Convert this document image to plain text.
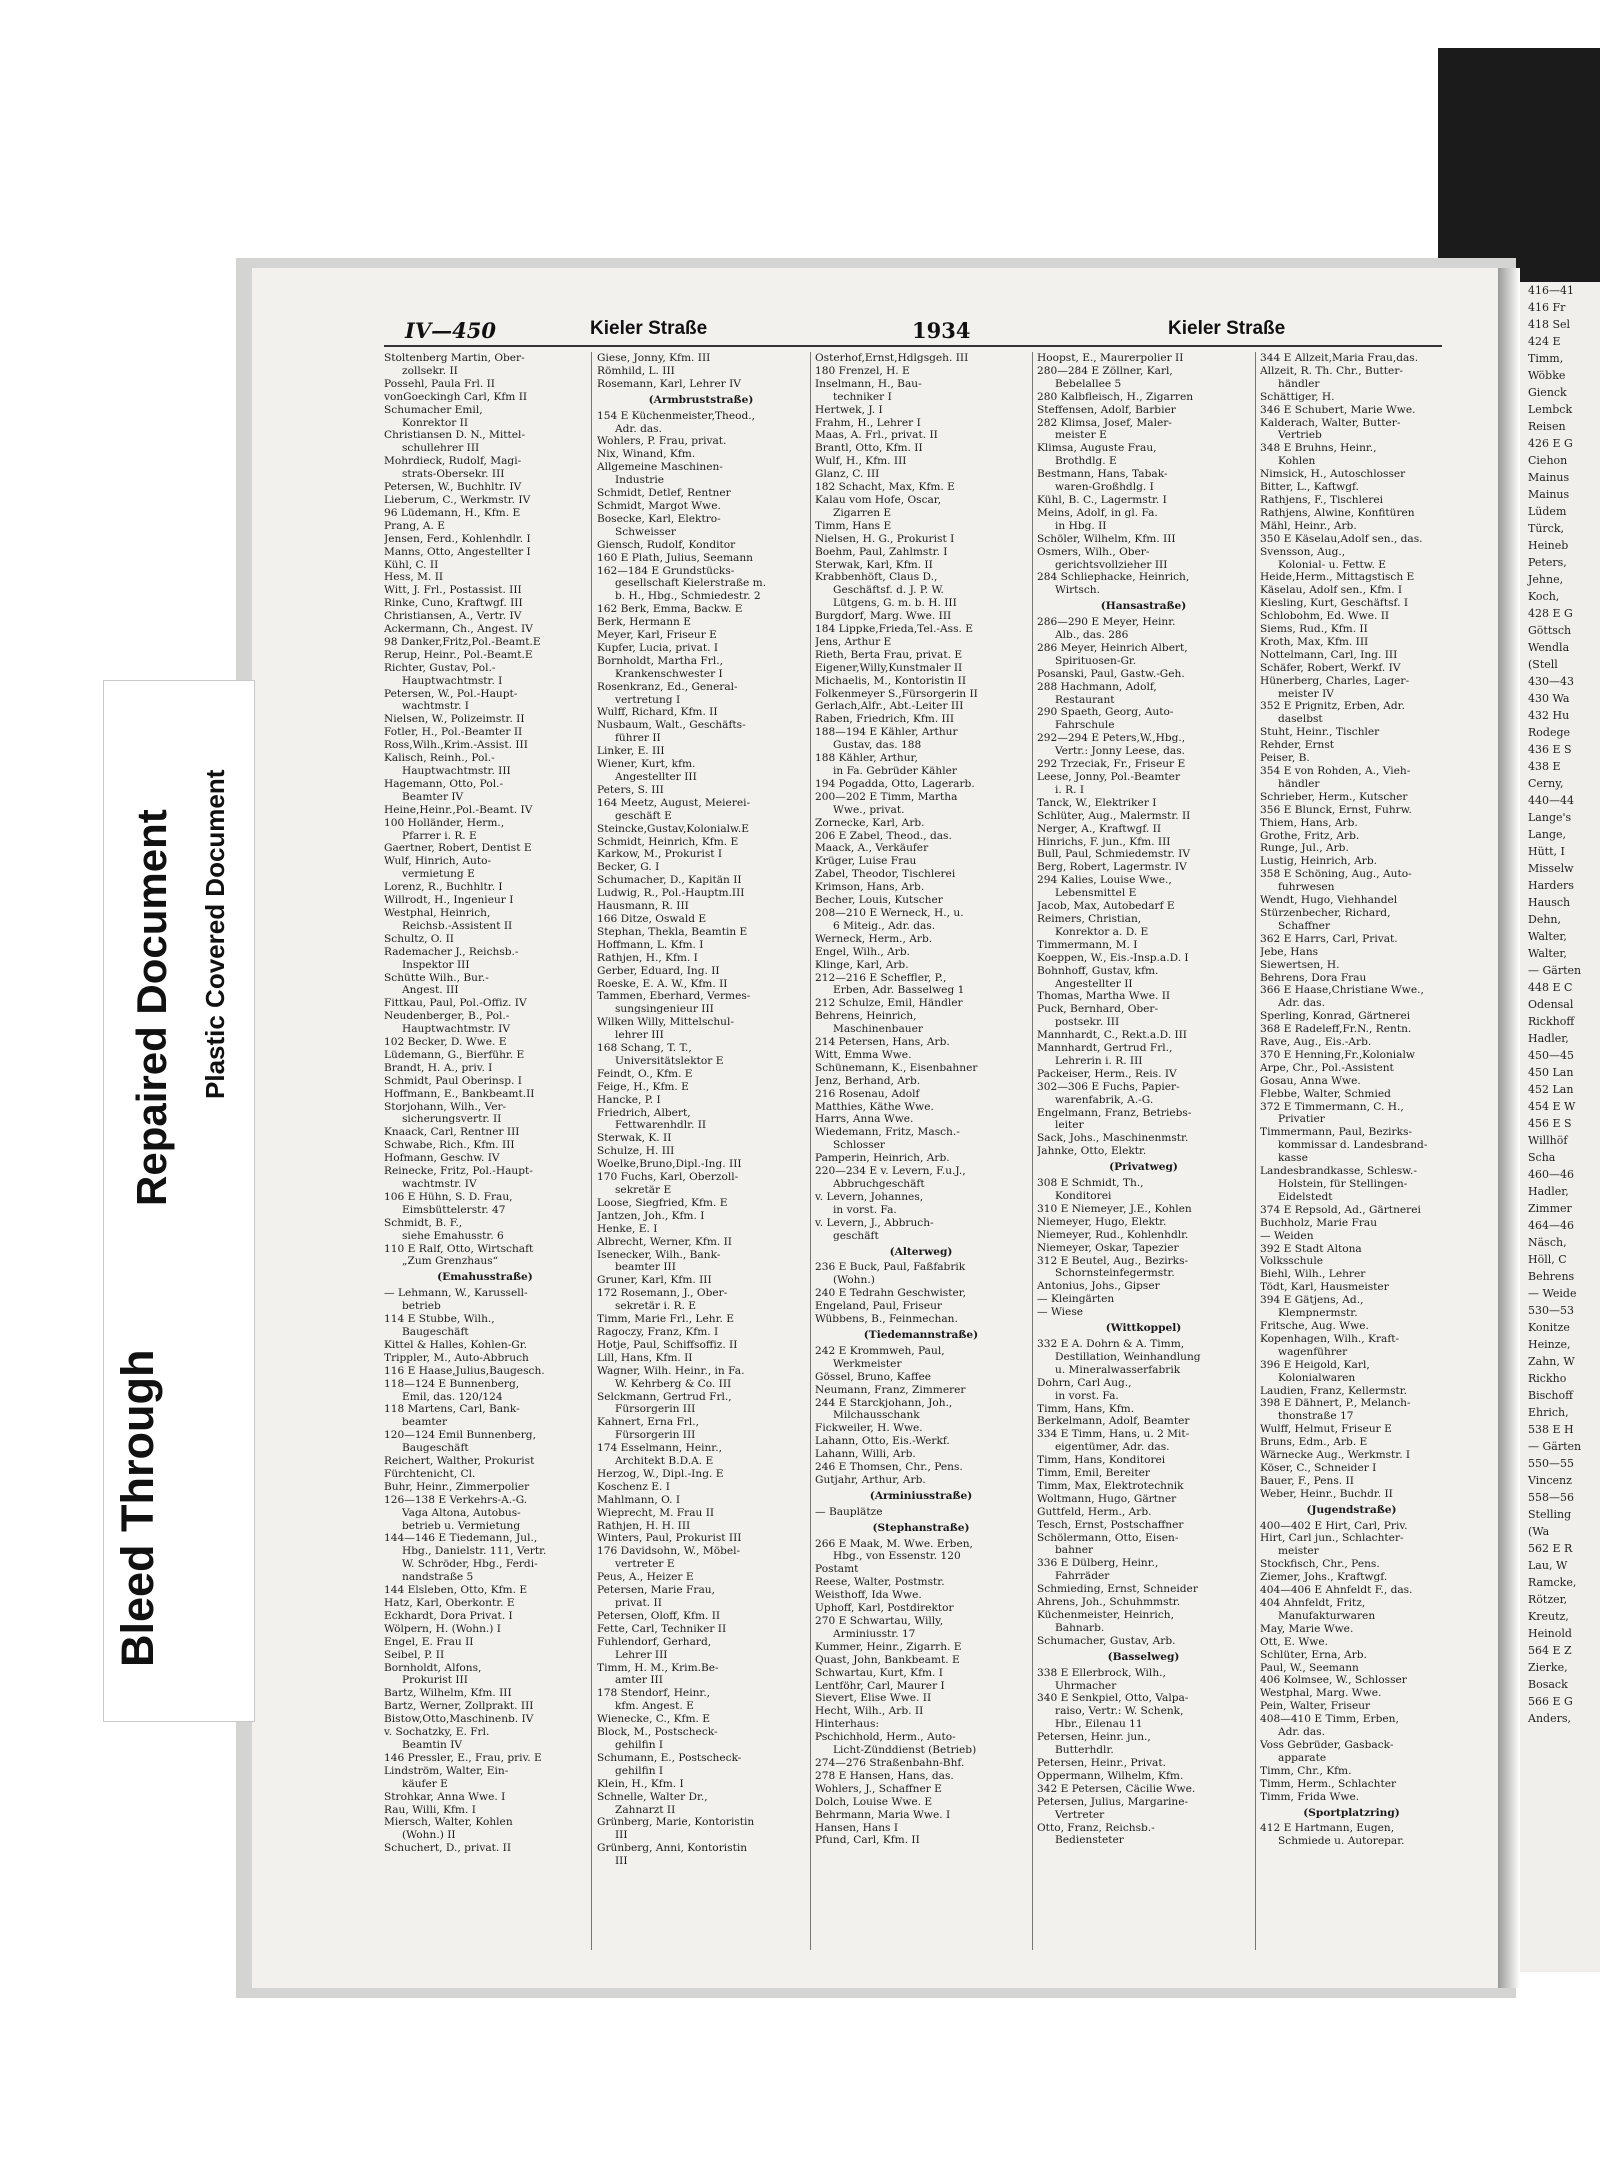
416—41
416 Fr
418 Sel
424 E
Timm,
Wöbke
Gienck
Lembck
Reisen
426 E G
Ciehon
Mainus
Mainus
Lüdem
Türck,
Heineb
Peters,
Jehne,
Koch,
428 E G
Göttsch
Wendla
(Stell
430—43
430 Wa
432 Hu
Rodege
436 E S
438 E
Cerny,
440—44
Lange's
Lange,
Hütt, I
Misselw
Harders
Hausch
Dehn,
Walter,
Walter,
— Gärten
448 E C
Odensal
Rickhoff
Hadler,
450—45
450 Lan
452 Lan
454 E W
456 E S
Willhöf
Scha
460—46
Hadler,
Zimmer
464—46
Näsch,
Höll, C
Behrens
— Weide
530—53
Konitze
Heinze,
Zahn, W
Rickho
Bischoff
Ehrich,
538 E H
— Gärten
550—55
Vincenz
558—56
Stelling
(Wa
562 E R
Lau, W
Ramcke,
Rötzer,
Kreutz,
Heinold
564 E Z
Zierke,
Bosack
566 E G
Anders,
Bleed Through
Repaired Document Plastic Covered Document
IV—450	Kieler Straße	1934	Kieler Straße
Stoltenberg Martin, Ober-
zollsekr. II
Possehl, Paula Frl. II
vonGoeckingh Carl, Kfm II
Schumacher Emil,
Konrektor II
Christiansen D. N., Mittel-
schullehrer III
Mohrdieck, Rudolf, Magi-
strats-Obersekr. III
Petersen, W., Buchhltr. IV
Lieberum, C., Werkmstr. IV
96 Lüdemann, H., Kfm. E
Prang, A. E
Jensen, Ferd., Kohlenhdlr. I
Manns, Otto, Angestellter I
Kühl, C. II
Hess, M. II
Witt, J. Frl., Postassist. III
Rinke, Cuno, Kraftwgf. III
Christiansen, A., Vertr. IV
Ackermann, Ch., Angest. IV
98 Danker,Fritz,Pol.-Beamt.E
Rerup, Heinr., Pol.-Beamt.E
Richter, Gustav, Pol.-
Hauptwachtmstr. I
Petersen, W., Pol.-Haupt-
wachtmstr. I
Nielsen, W., Polizeimstr. II
Fotler, H., Pol.-Beamter II
Ross,Wilh.,Krim.-Assist. III
Kalisch, Reinh., Pol.-
Hauptwachtmstr. III
Hagemann, Otto, Pol.-
Beamter IV
Heine,Heinr.,Pol.-Beamt. IV
100 Holländer, Herm.,
Pfarrer i. R. E
Gaertner, Robert, Dentist E
Wulf, Hinrich, Auto-
vermietung E
Lorenz, R., Buchhltr. I
Willrodt, H., Ingenieur I
Westphal, Heinrich,
Reichsb.-Assistent II
Schultz, O. II
Rademacher J., Reichsb.-
Inspektor III
Schütte Wilh., Bur.-
Angest. III
Fittkau, Paul, Pol.-Offiz. IV
Neudenberger, B., Pol.-
Hauptwachtmstr. IV
102 Becker, D. Wwe. E
Lüdemann, G., Bierführ. E
Brandt, H. A., priv. I
Schmidt, Paul Oberinsp. I
Hoffmann, E., Bankbeamt.II
Storjohann, Wilh., Ver-
sicherungsvertr. II
Knaack, Carl, Rentner III
Schwabe, Rich., Kfm. III
Hofmann, Geschw. IV
Reinecke, Fritz, Pol.-Haupt-
wachtmstr. IV
106 E Hühn, S. D. Frau,
Eimsbüttelerstr. 47
Schmidt, B. F.,
siehe Emahusstr. 6
110 E Ralf, Otto, Wirtschaft
„Zum Grenzhaus“
(Emahusstraße)
— Lehmann, W., Karussell-
betrieb
114 E Stubbe, Wilh.,
Baugeschäft
Kittel & Halles, Kohlen-Gr.
Trippler, M., Auto-Abbruch
116 E Haase,Julius,Baugesch.
118—124 E Bunnenberg,
Emil, das. 120/124
118 Martens, Carl, Bank-
beamter
120—124 Emil Bunnenberg,
Baugeschäft
Reichert, Walther, Prokurist
Fürchtenicht, Cl.
Buhr, Heinr., Zimmerpolier
126—138 E Verkehrs-A.-G.
Vaga Altona, Autobus-
betrieb u. Vermietung
144—146 E Tiedemann, Jul.,
Hbg., Danielstr. 111, Vertr.
W. Schröder, Hbg., Ferdi-
nandstraße 5
144 Elsleben, Otto, Kfm. E
Hatz, Karl, Oberkontr. E
Eckhardt, Dora Privat. I
Wölpern, H. (Wohn.) I
Engel, E. Frau II
Seibel, P. II
Bornholdt, Alfons,
Prokurist III
Bartz, Wilhelm, Kfm. III
Bartz, Werner, Zollprakt. III
Bistow,Otto,Maschinenb. IV
v. Sochatzky, E. Frl.
Beamtin IV
146 Pressler, E., Frau, priv. E
Lindström, Walter, Ein-
käufer E
Strohkar, Anna Wwe. I
Rau, Willi, Kfm. I
Miersch, Walter, Kohlen
(Wohn.) II
Schuchert, D., privat. II
Giese, Jonny, Kfm. III
Römhild, L. III
Rosemann, Karl, Lehrer IV
(Armbruststraße)
154 E Küchenmeister,Theod.,
Adr. das.
Wohlers, P. Frau, privat.
Nix, Winand, Kfm.
Allgemeine Maschinen-
Industrie
Schmidt, Detlef, Rentner
Schmidt, Margot Wwe.
Bosecke, Karl, Elektro-
Schweisser
Giensch, Rudolf, Konditor
160 E Plath, Julius, Seemann
162—184 E Grundstücks-
gesellschaft Kielerstraße m.
b. H., Hbg., Schmiedestr. 2
162 Berk, Emma, Backw. E
Berk, Hermann E
Meyer, Karl, Friseur E
Kupfer, Lucia, privat. I
Bornholdt, Martha Frl.,
Krankenschwester I
Rosenkranz, Ed., General-
vertretung I
Wulff, Richard, Kfm. II
Nusbaum, Walt., Geschäfts-
führer II
Linker, E. III
Wiener, Kurt, kfm.
Angestellter III
Peters, S. III
164 Meetz, August, Meierei-
geschäft E
Steincke,Gustav,Kolonialw.E
Schmidt, Heinrich, Kfm. E
Karkow, M., Prokurist I
Becker, G. I
Schumacher, D., Kapitän II
Ludwig, R., Pol.-Hauptm.III
Hausmann, R. III
166 Ditze, Oswald E
Stephan, Thekla, Beamtin E
Hoffmann, L. Kfm. I
Rathjen, H., Kfm. I
Gerber, Eduard, Ing. II
Roeske, E. A. W., Kfm. II
Tammen, Eberhard, Vermes-
sungsingenieur III
Wilken Willy, Mittelschul-
lehrer III
168 Schang, T. T.,
Universitätslektor E
Feindt, O., Kfm. E
Feige, H., Kfm. E
Hancke, P. I
Friedrich, Albert,
Fettwarenhdlr. II
Sterwak, K. II
Schulze, H. III
Woelke,Bruno,Dipl.-Ing. III
170 Fuchs, Karl, Oberzoll-
sekretär E
Loose, Siegfried, Kfm. E
Jantzen, Joh., Kfm. I
Henke, E. I
Albrecht, Werner, Kfm. II
Isenecker, Wilh., Bank-
beamter III
Gruner, Karl, Kfm. III
172 Rosemann, J., Ober-
sekretär i. R. E
Timm, Marie Frl., Lehr. E
Ragoczy, Franz, Kfm. I
Hotje, Paul, Schiffsoffiz. II
Lill, Hans, Kfm. II
Wagner, Wilh. Heinr., in Fa.
W. Kehrberg & Co. III
Selckmann, Gertrud Frl.,
Fürsorgerin III
Kahnert, Erna Frl.,
Fürsorgerin III
174 Esselmann, Heinr.,
Architekt B.D.A. E
Herzog, W., Dipl.-Ing. E
Koschenz E. I
Mahlmann, O. I
Wieprecht, M. Frau II
Rathjen, H. H. III
Winters, Paul, Prokurist III
176 Davidsohn, W., Möbel-
vertreter E
Peus, A., Heizer E
Petersen, Marie Frau,
privat. II
Petersen, Oloff, Kfm. II
Fette, Carl, Techniker II
Fuhlendorf, Gerhard,
Lehrer III
Timm, H. M., Krim.Be-
amter III
178 Stendorf, Heinr.,
kfm. Angest. E
Wienecke, C., Kfm. E
Block, M., Postscheck-
gehilfin I
Schumann, E., Postscheck-
gehilfin I
Klein, H., Kfm. I
Schnelle, Walter Dr.,
Zahnarzt II
Grünberg, Marie, Kontoristin
III
Grünberg, Anni, Kontoristin
III
Osterhof,Ernst,Hdlgsgeh. III
180 Frenzel, H. E
Inselmann, H., Bau-
techniker I
Hertwek, J. I
Frahm, H., Lehrer I
Maas, A. Frl., privat. II
Brantl, Otto, Kfm. II
Wulf, H., Kfm. III
Glanz, C. III
182 Schacht, Max, Kfm. E
Kalau vom Hofe, Oscar,
Zigarren E
Timm, Hans E
Nielsen, H. G., Prokurist I
Boehm, Paul, Zahlmstr. I
Sterwak, Karl, Kfm. II
Krabbenhöft, Claus D.,
Geschäftsf. d. J. P. W.
Lütgens, G. m. b. H. III
Burgdorf, Marg. Wwe. III
184 Lippke,Frieda,Tel.-Ass. E
Jens, Arthur E
Rieth, Berta Frau, privat. E
Eigener,Willy,Kunstmaler II
Michaelis, M., Kontoristin II
Folkenmeyer S.,Fürsorgerin II
Gerlach,Alfr., Abt.-Leiter III
Raben, Friedrich, Kfm. III
188—194 E Kähler, Arthur
Gustav, das. 188
188 Kähler, Arthur,
in Fa. Gebrüder Kähler
194 Pogadda, Otto, Lagerarb.
200—202 E Timm, Martha
Wwe., privat.
Zornecke, Karl, Arb.
206 E Zabel, Theod., das.
Maack, A., Verkäufer
Krüger, Luise Frau
Zabel, Theodor, Tischlerei
Krimson, Hans, Arb.
Becher, Louis, Kutscher
208—210 E Werneck, H., u.
6 Miteig., Adr. das.
Werneck, Herm., Arb.
Engel, Wilh., Arb.
Klinge, Karl, Arb.
212—216 E Scheffler, P.,
Erben, Adr. Basselweg 1
212 Schulze, Emil, Händler
Behrens, Heinrich,
Maschinenbauer
214 Petersen, Hans, Arb.
Witt, Emma Wwe.
Schünemann, K., Eisenbahner
Jenz, Berhand, Arb.
216 Rosenau, Adolf
Matthies, Käthe Wwe.
Harrs, Anna Wwe.
Wiedemann, Fritz, Masch.-
Schlosser
Pamperin, Heinrich, Arb.
220—234 E v. Levern, F.u.J.,
Abbruchgeschäft
v. Levern, Johannes,
in vorst. Fa.
v. Levern, J., Abbruch-
geschäft
(Alterweg)
236 E Buck, Paul, Faßfabrik
(Wohn.)
240 E Tedrahn Geschwister,
Engeland, Paul, Friseur
Wübbens, B., Feinmechan.
(Tiedemannstraße)
242 E Krommweh, Paul,
Werkmeister
Gössel, Bruno, Kaffee
Neumann, Franz, Zimmerer
244 E Starckjohann, Joh.,
Milchausschank
Fickweiler, H. Wwe.
Lahann, Otto, Eis.-Werkf.
Lahann, Willi, Arb.
246 E Thomsen, Chr., Pens.
Gutjahr, Arthur, Arb.
(Arminiusstraße)
— Bauplätze
(Stephanstraße)
266 E Maak, M. Wwe. Erben,
Hbg., von Essenstr. 120
Postamt
Reese, Walter, Postmstr.
Weisthoff, Ida Wwe.
Uphoff, Karl, Postdirektor
270 E Schwartau, Willy,
Arminiusstr. 17
Kummer, Heinr., Zigarrh. E
Quast, John, Bankbeamt. E
Schwartau, Kurt, Kfm. I
Lentföhr, Carl, Maurer I
Sievert, Elise Wwe. II
Hecht, Wilh., Arb. II
Hinterhaus:
Pschichhold, Herm., Auto-
Licht-Zünddienst (Betrieb)
274—276 Straßenbahn-Bhf.
278 E Hansen, Hans, das.
Wohlers, J., Schaffner E
Dolch, Louise Wwe. E
Behrmann, Maria Wwe. I
Hansen, Hans I
Pfund, Carl, Kfm. II
Hoopst, E., Maurerpolier II
280—284 E Zöllner, Karl,
Bebelallee 5
280 Kalbfleisch, H., Zigarren
Steffensen, Adolf, Barbier
282 Klimsa, Josef, Maler-
meister E
Klimsa, Auguste Frau,
Brothdlg. E
Bestmann, Hans, Tabak-
waren-Großhdlg. I
Kühl, B. C., Lagermstr. I
Meins, Adolf, in gl. Fa.
in Hbg. II
Schöler, Wilhelm, Kfm. III
Osmers, Wilh., Ober-
gerichtsvollzieher III
284 Schliephacke, Heinrich,
Wirtsch.
(Hansastraße)
286—290 E Meyer, Heinr.
Alb., das. 286
286 Meyer, Heinrich Albert,
Spirituosen-Gr.
Posanski, Paul, Gastw.-Geh.
288 Hachmann, Adolf,
Restaurant
290 Spaeth, Georg, Auto-
Fahrschule
292—294 E Peters,W.,Hbg.,
Vertr.: Jonny Leese, das.
292 Trzeciak, Fr., Friseur E
Leese, Jonny, Pol.-Beamter
i. R. I
Tanck, W., Elektriker I
Schlüter, Aug., Malermstr. II
Nerger, A., Kraftwgf. II
Hinrichs, F. jun., Kfm. III
Bull, Paul, Schmiedemstr. IV
Berg, Robert, Lagermstr. IV
294 Kalies, Louise Wwe.,
Lebensmittel E
Jacob, Max, Autobedarf E
Reimers, Christian,
Konrektor a. D. E
Timmermann, M. I
Koeppen, W., Eis.-Insp.a.D. I
Bohnhoff, Gustav, kfm.
Angestellter II
Thomas, Martha Wwe. II
Puck, Bernhard, Ober-
postsekr. III
Mannhardt, C., Rekt.a.D. III
Mannhardt, Gertrud Frl.,
Lehrerin i. R. III
Packeiser, Herm., Reis. IV
302—306 E Fuchs, Papier-
warenfabrik, A.-G.
Engelmann, Franz, Betriebs-
leiter
Sack, Johs., Maschinenmstr.
Jahnke, Otto, Elektr.
(Privatweg)
308 E Schmidt, Th.,
Konditorei
310 E Niemeyer, J.E., Kohlen
Niemeyer, Hugo, Elektr.
Niemeyer, Rud., Kohlenhdlr.
Niemeyer, Oskar, Tapezier
312 E Beutel, Aug., Bezirks-
Schornsteinfegermstr.
Antonius, Johs., Gipser
— Kleingärten
— Wiese
(Wittkoppel)
332 E A. Dohrn & A. Timm,
Destillation, Weinhandlung
u. Mineralwasserfabrik
Dohrn, Carl Aug.,
in vorst. Fa.
Timm, Hans, Kfm.
Berkelmann, Adolf, Beamter
334 E Timm, Hans, u. 2 Mit-
eigentümer, Adr. das.
Timm, Hans, Konditorei
Timm, Emil, Bereiter
Timm, Max, Elektrotechnik
Woltmann, Hugo, Gärtner
Guttfeld, Herm., Arb.
Tesch, Ernst, Postschaffner
Schölermann, Otto, Eisen-
bahner
336 E Dülberg, Heinr.,
Fahrräder
Schmieding, Ernst, Schneider
Ahrens, Joh., Schuhmmstr.
Küchenmeister, Heinrich,
Bahnarb.
Schumacher, Gustav, Arb.
(Basselweg)
338 E Ellerbrock, Wilh.,
Uhrmacher
340 E Senkpiel, Otto, Valpa-
raiso, Vertr.: W. Schenk,
Hbr., Eilenau 11
Petersen, Heinr. jun.,
Butterhdlr.
Petersen, Heinr., Privat.
Oppermann, Wilhelm, Kfm.
342 E Petersen, Cäcilie Wwe.
Petersen, Julius, Margarine-
Vertreter
Otto, Franz, Reichsb.-
Bediensteter
344 E Allzeit,Maria Frau,das.
Allzeit, R. Th. Chr., Butter-
händler
Schättiger, H.
346 E Schubert, Marie Wwe.
Kalderach, Walter, Butter-
Vertrieb
348 E Bruhns, Heinr.,
Kohlen
Nimsick, H., Autoschlosser
Bitter, L., Kaftwgf.
Rathjens, F., Tischlerei
Rathjens, Alwine, Konfitüren
Mähl, Heinr., Arb.
350 E Käselau,Adolf sen., das.
Svensson, Aug.,
Kolonial- u. Fettw. E
Heide,Herm., Mittagstisch E
Käselau, Adolf sen., Kfm. I
Kiesling, Kurt, Geschäftsf. I
Schlobohm, Ed. Wwe. II
Siems, Rud., Kfm. II
Kroth, Max, Kfm. III
Nottelmann, Carl, Ing. III
Schäfer, Robert, Werkf. IV
Hünerberg, Charles, Lager-
meister IV
352 E Prignitz, Erben, Adr.
daselbst
Stuht, Heinr., Tischler
Rehder, Ernst
Peiser, B.
354 E von Rohden, A., Vieh-
händler
Schrieber, Herm., Kutscher
356 E Blunck, Ernst, Fuhrw.
Thiem, Hans, Arb.
Grothe, Fritz, Arb.
Runge, Jul., Arb.
Lustig, Heinrich, Arb.
358 E Schöning, Aug., Auto-
fuhrwesen
Wendt, Hugo, Viehhandel
Stürzenbecher, Richard,
Schaffner
362 E Harrs, Carl, Privat.
Jebe, Hans
Siewertsen, H.
Behrens, Dora Frau
366 E Haase,Christiane Wwe.,
Adr. das.
Sperling, Konrad, Gärtnerei
368 E Radeleff,Fr.N., Rentn.
Rave, Aug., Eis.-Arb.
370 E Henning,Fr.,Kolonialw
Arpe, Chr., Pol.-Assistent
Gosau, Anna Wwe.
Flebbe, Walter, Schmied
372 E Timmermann, C. H.,
Privatier
Timmermann, Paul, Bezirks-
kommissar d. Landesbrand-
kasse
Landesbrandkasse, Schlesw.-
Holstein, für Stellingen-
Eidelstedt
374 E Repsold, Ad., Gärtnerei
Buchholz, Marie Frau
— Weiden
392 E Stadt Altona
Volksschule
Biehl, Wilh., Lehrer
Tödt, Karl, Hausmeister
394 E Gätjens, Ad.,
Klempnermstr.
Fritsche, Aug. Wwe.
Kopenhagen, Wilh., Kraft-
wagenführer
396 E Heigold, Karl,
Kolonialwaren
Laudien, Franz, Kellermstr.
398 E Dähnert, P., Melanch-
thonstraße 17
Wulff, Helmut, Friseur E
Bruns, Edm., Arb. E
Wärnecke Aug., Werkmstr. I
Köser, C., Schneider I
Bauer, F., Pens. II
Weber, Heinr., Buchdr. II
(Jugendstraße)
400—402 E Hirt, Carl, Priv.
Hirt, Carl jun., Schlachter-
meister
Stockfisch, Chr., Pens.
Ziemer, Johs., Kraftwgf.
404—406 E Ahnfeldt F., das.
404 Ahnfeldt, Fritz,
Manufakturwaren
May, Marie Wwe.
Ott, E. Wwe.
Schlüter, Erna, Arb.
Paul, W., Seemann
406 Kolmsee, W., Schlosser
Westphal, Marg. Wwe.
Pein, Walter, Friseur
408—410 E Timm, Erben,
Adr. das.
Voss Gebrüder, Gasback-
apparate
Timm, Chr., Kfm.
Timm, Herm., Schlachter
Timm, Frida Wwe.
(Sportplatzring)
412 E Hartmann, Eugen,
Schmiede u. Autorepar.
